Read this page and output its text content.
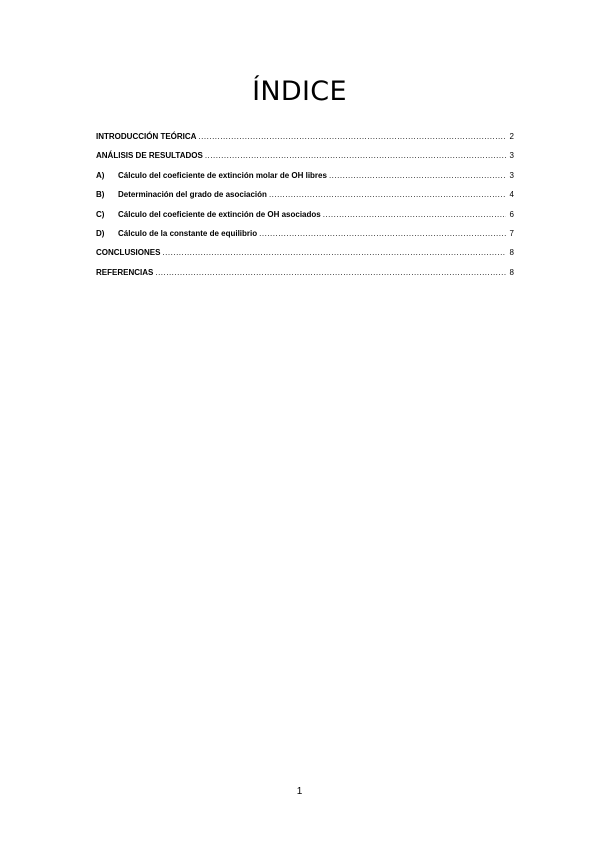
ÍNDICE
INTRODUCCIÓN TEÓRICA .....	2
ANÁLISIS DE RESULTADOS .....	3
A)	Cálculo del coeficiente de extinción molar de OH libres .....	3
B)	Determinación del grado de asociación .....	4
C)	Cálculo del coeficiente de extinción de OH asociados .....	6
D)	Cálculo de la constante de equilibrio .....	7
CONCLUSIONES .....	8
REFERENCIAS .....	8
1
